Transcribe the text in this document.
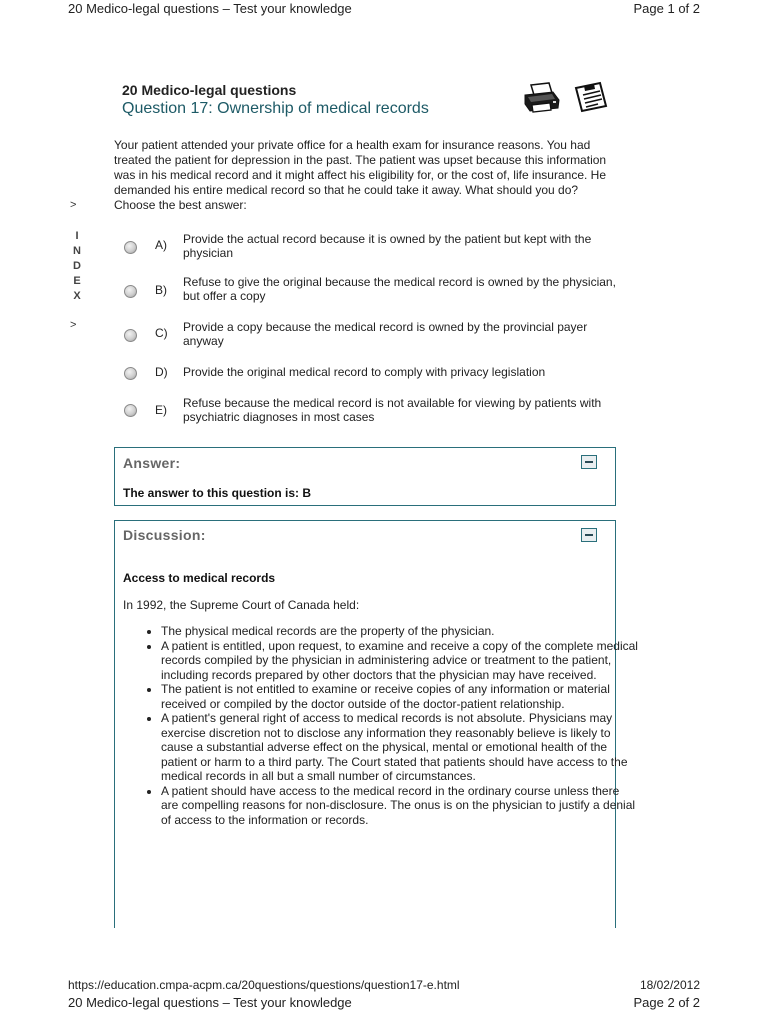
20 Medico-legal questions – Test your knowledge	Page 1 of 2
20 Medico-legal questions
Question 17: Ownership of medical records
Your patient attended your private office for a health exam for insurance reasons. You had treated the patient for depression in the past. The patient was upset because this information was in his medical record and it might affect his eligibility for, or the cost of, life insurance. He demanded his entire medical record so that he could take it away. What should you do? Choose the best answer:
>
I
N
D
E
X
>
A) Provide the actual record because it is owned by the patient but kept with the physician
B)
Refuse to give the original because the medical record is owned by the physician, but offer a copy
C) Provide a copy because the medical record is owned by the provincial payer anyway
D) Provide the original medical record to comply with privacy legislation
E) Refuse because the medical record is not available for viewing by patients with psychiatric diagnoses in most cases
Answer:
The answer to this question is: B
Discussion:
Access to medical records
In 1992, the Supreme Court of Canada held:
• The physical medical records are the property of the physician.
• A patient is entitled, upon request, to examine and receive a copy of the complete medical records compiled by the physician in administering advice or treatment to the patient, including records prepared by other doctors that the physician may have received.
• The patient is not entitled to examine or receive copies of any information or material received or compiled by the doctor outside of the doctor-patient relationship.
• A patient's general right of access to medical records is not absolute. Physicians may exercise discretion not to disclose any information they reasonably believe is likely to cause a substantial adverse effect on the physical, mental or emotional health of the patient or harm to a third party. The Court stated that patients should have access to the medical records in all but a small number of circumstances.
• A patient should have access to the medical record in the ordinary course unless there are compelling reasons for non-disclosure. The onus is on the physician to justify a denial of access to the information or records.
https://education.cmpa-acpm.ca/20questions/questions/question17-e.html	18/02/2012
20 Medico-legal questions – Test your knowledge	Page 2 of 2
